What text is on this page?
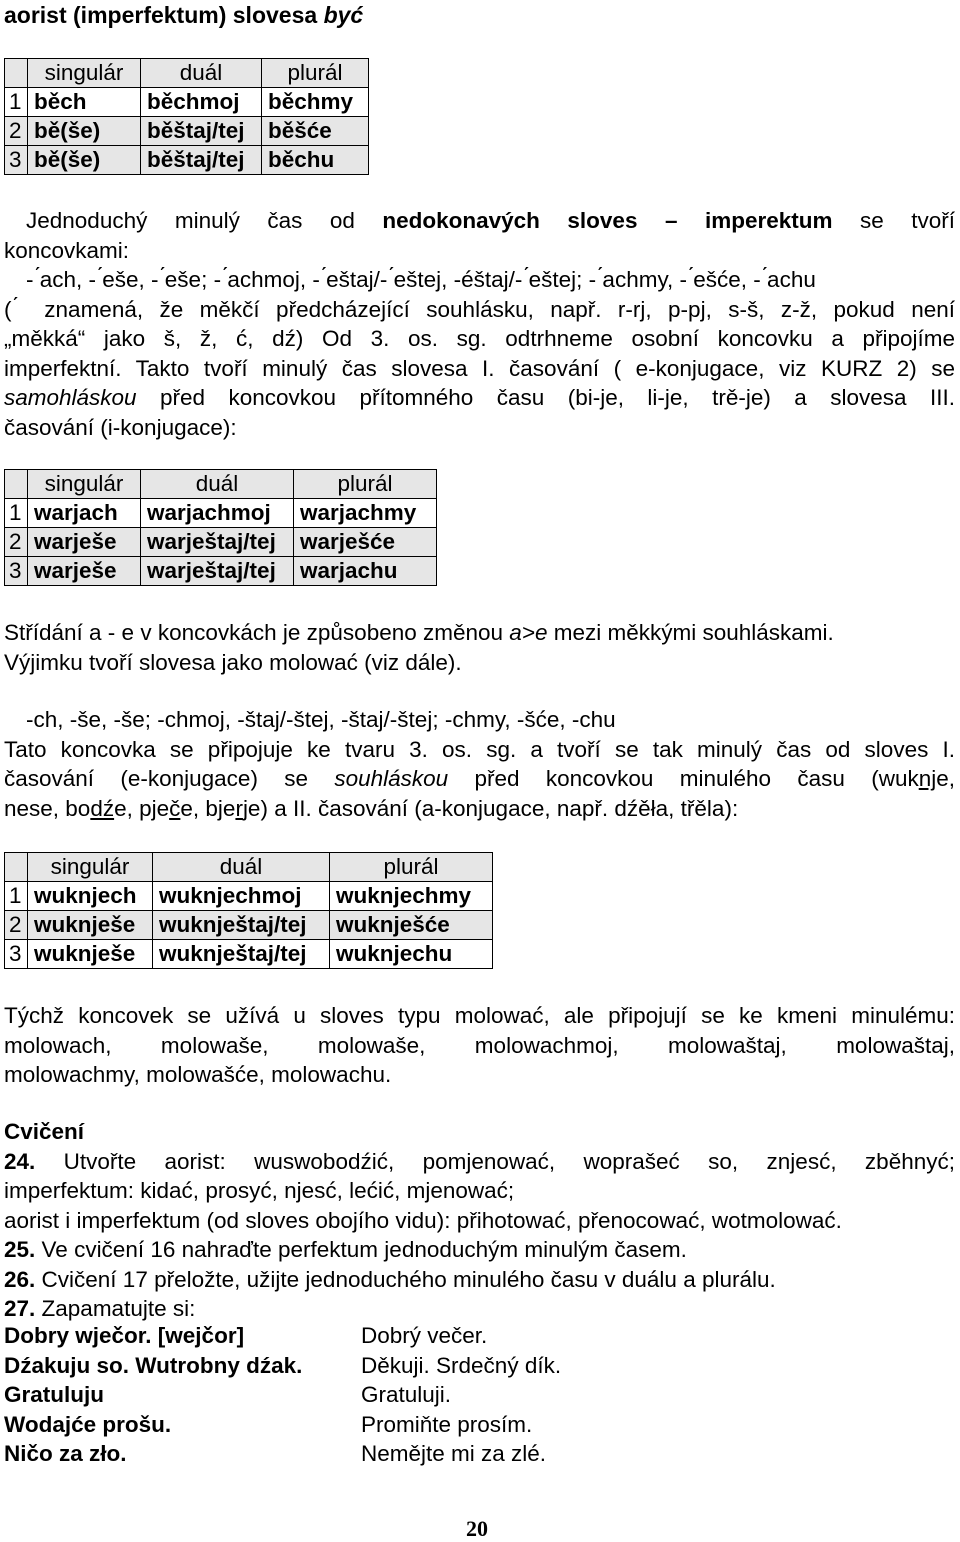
aorist (imperfektum) slovesa być
	singulár	duál	plurál
1	běch	běchmoj	běchmy
2	bě(še)	běštaj/tej	běšće
3	bě(še)	běštaj/tej	běchu
Jednoduchý minulý čas od nedokonavých sloves – imperektum se tvoří
koncovkami:
- ́ach, - ́eše, - ́eše; - ́achmoj, - ́eštaj/- ́eštej, -éštaj/- ́eštej; - ́achmy, - ́ešće, - ́achu
( ́ znamená, že měkčí předcházející souhlásku, např. r-rj, p-pj, s-š, z-ž, pokud není
„měkká“ jako š, ž, ć, dź) Od 3. os. sg. odtrhneme osobní koncovku a připojíme
imperfektní. Takto tvoří minulý čas slovesa I. časování ( e-konjugace, viz KURZ 2) se
samohláskou před koncovkou přítomného času (bi-je, li-je, trě-je) a slovesa III.
časování (i-konjugace):
	singulár	duál	plurál
1	warjach	warjachmoj	warjachmy
2	warješe	warještaj/tej	warješće
3	warješe	warještaj/tej	warjachu
Střídání a - e v koncovkách je způsobeno změnou a>e mezi měkkými souhláskami.
Výjimku tvoří slovesa jako molować (viz dále).
-ch, -še, -še; -chmoj, -štaj/-štej, -štaj/-štej; -chmy, -šće, -chu
Tato koncovka se připojuje ke tvaru 3. os. sg. a tvoří se tak minulý čas od sloves I.
časování (e-konjugace) se souhláskou před koncovkou minulého času (wuknje,
nese, bodźe, pječe, bjerje) a II. časování (a-konjugace, např. dźěła, třěla):
	singulár	duál	plurál
1	wuknjech	wuknjechmoj	wuknjechmy
2	wuknješe	wuknještaj/tej	wuknješće
3	wuknješe	wuknještaj/tej	wuknjechu
Týchž koncovek se užívá u sloves typu molować, ale připojují se ke kmeni minulému:
molowach, molowaše, molowaše, molowachmoj, molowaštaj, molowaštaj,
molowachmy, molowašće, molowachu.
Cvičení
24. Utvořte aorist: wuswobodźić, pomjenować, woprašeć so, znjesć, zběhnyć;
imperfektum: kidać, prosyć, njesć, lećić, mjenować;
aorist i imperfektum (od sloves obojího vidu): přihotować, přenocować, wotmolować.
25. Ve cvičení 16 nahraďte perfektum jednoduchým minulým časem.
26. Cvičení 17 přeložte, užijte jednoduchého minulého času v duálu a plurálu.
27. Zapamatujte si:
Dobry wječor. [wejčor]	Dobrý večer.
Dźakuju so. Wutrobny dźak.	Děkuji. Srdečný dík.
Gratuluju	Gratuluji.
Wodajće prošu.	Promiňte prosím.
Ničo za zło.	Nemějte mi za zlé.
20
